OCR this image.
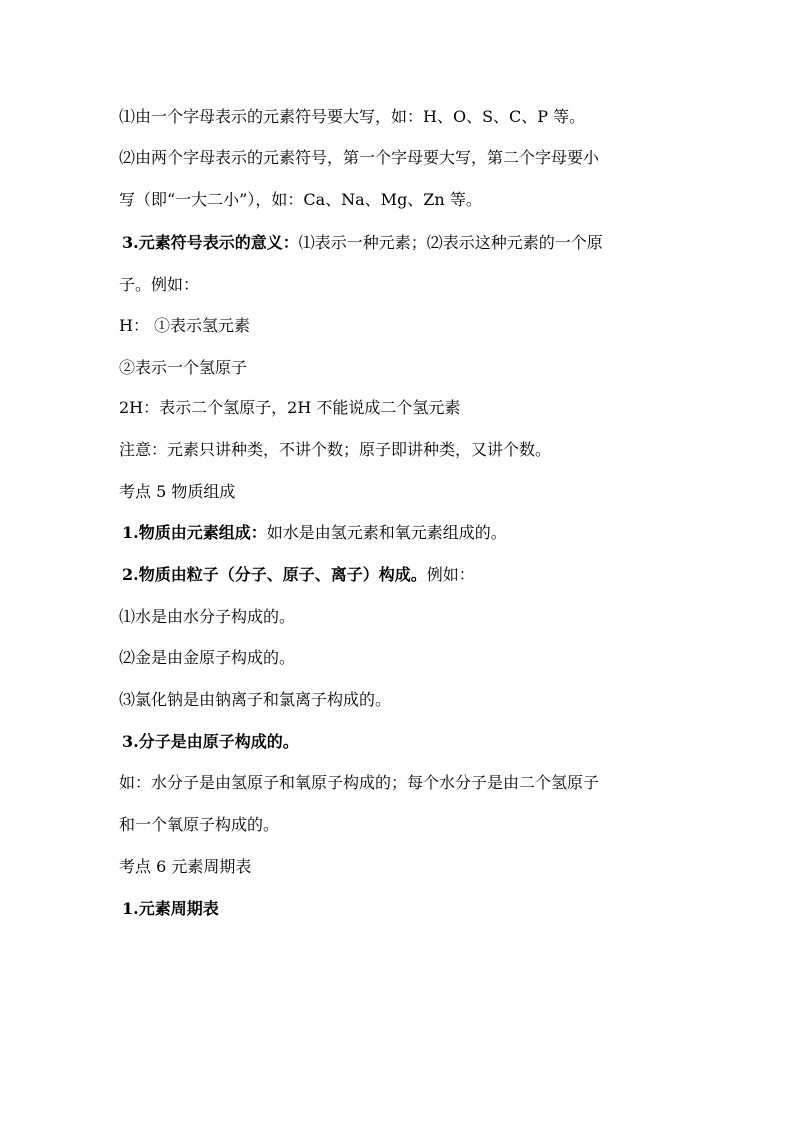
⑴由一个字母表示的元素符号要大写，如：H、O、S、C、P 等。
⑵由两个字母表示的元素符号，第一个字母要大写，第二个字母要小
写（即“一大二小”），如：Ca、Na、Mg、Zn 等。
3.元素符号表示的意义：⑴表示一种元素；⑵表示这种元素的一个原
子。例如：
H： ①表示氢元素
②表示一个氢原子
2H：表示二个氢原子，2H 不能说成二个氢元素
注意：元素只讲种类，不讲个数；原子即讲种类，又讲个数。
考点 5 物质组成
1.物质由元素组成：如水是由氢元素和氧元素组成的。
2.物质由粒子（分子、原子、离子）构成。例如：
⑴水是由水分子构成的。
⑵金是由金原子构成的。
⑶氯化钠是由钠离子和氯离子构成的。
3.分子是由原子构成的。
如：水分子是由氢原子和氧原子构成的；每个水分子是由二个氢原子
和一个氧原子构成的。
考点 6 元素周期表
1.元素周期表
